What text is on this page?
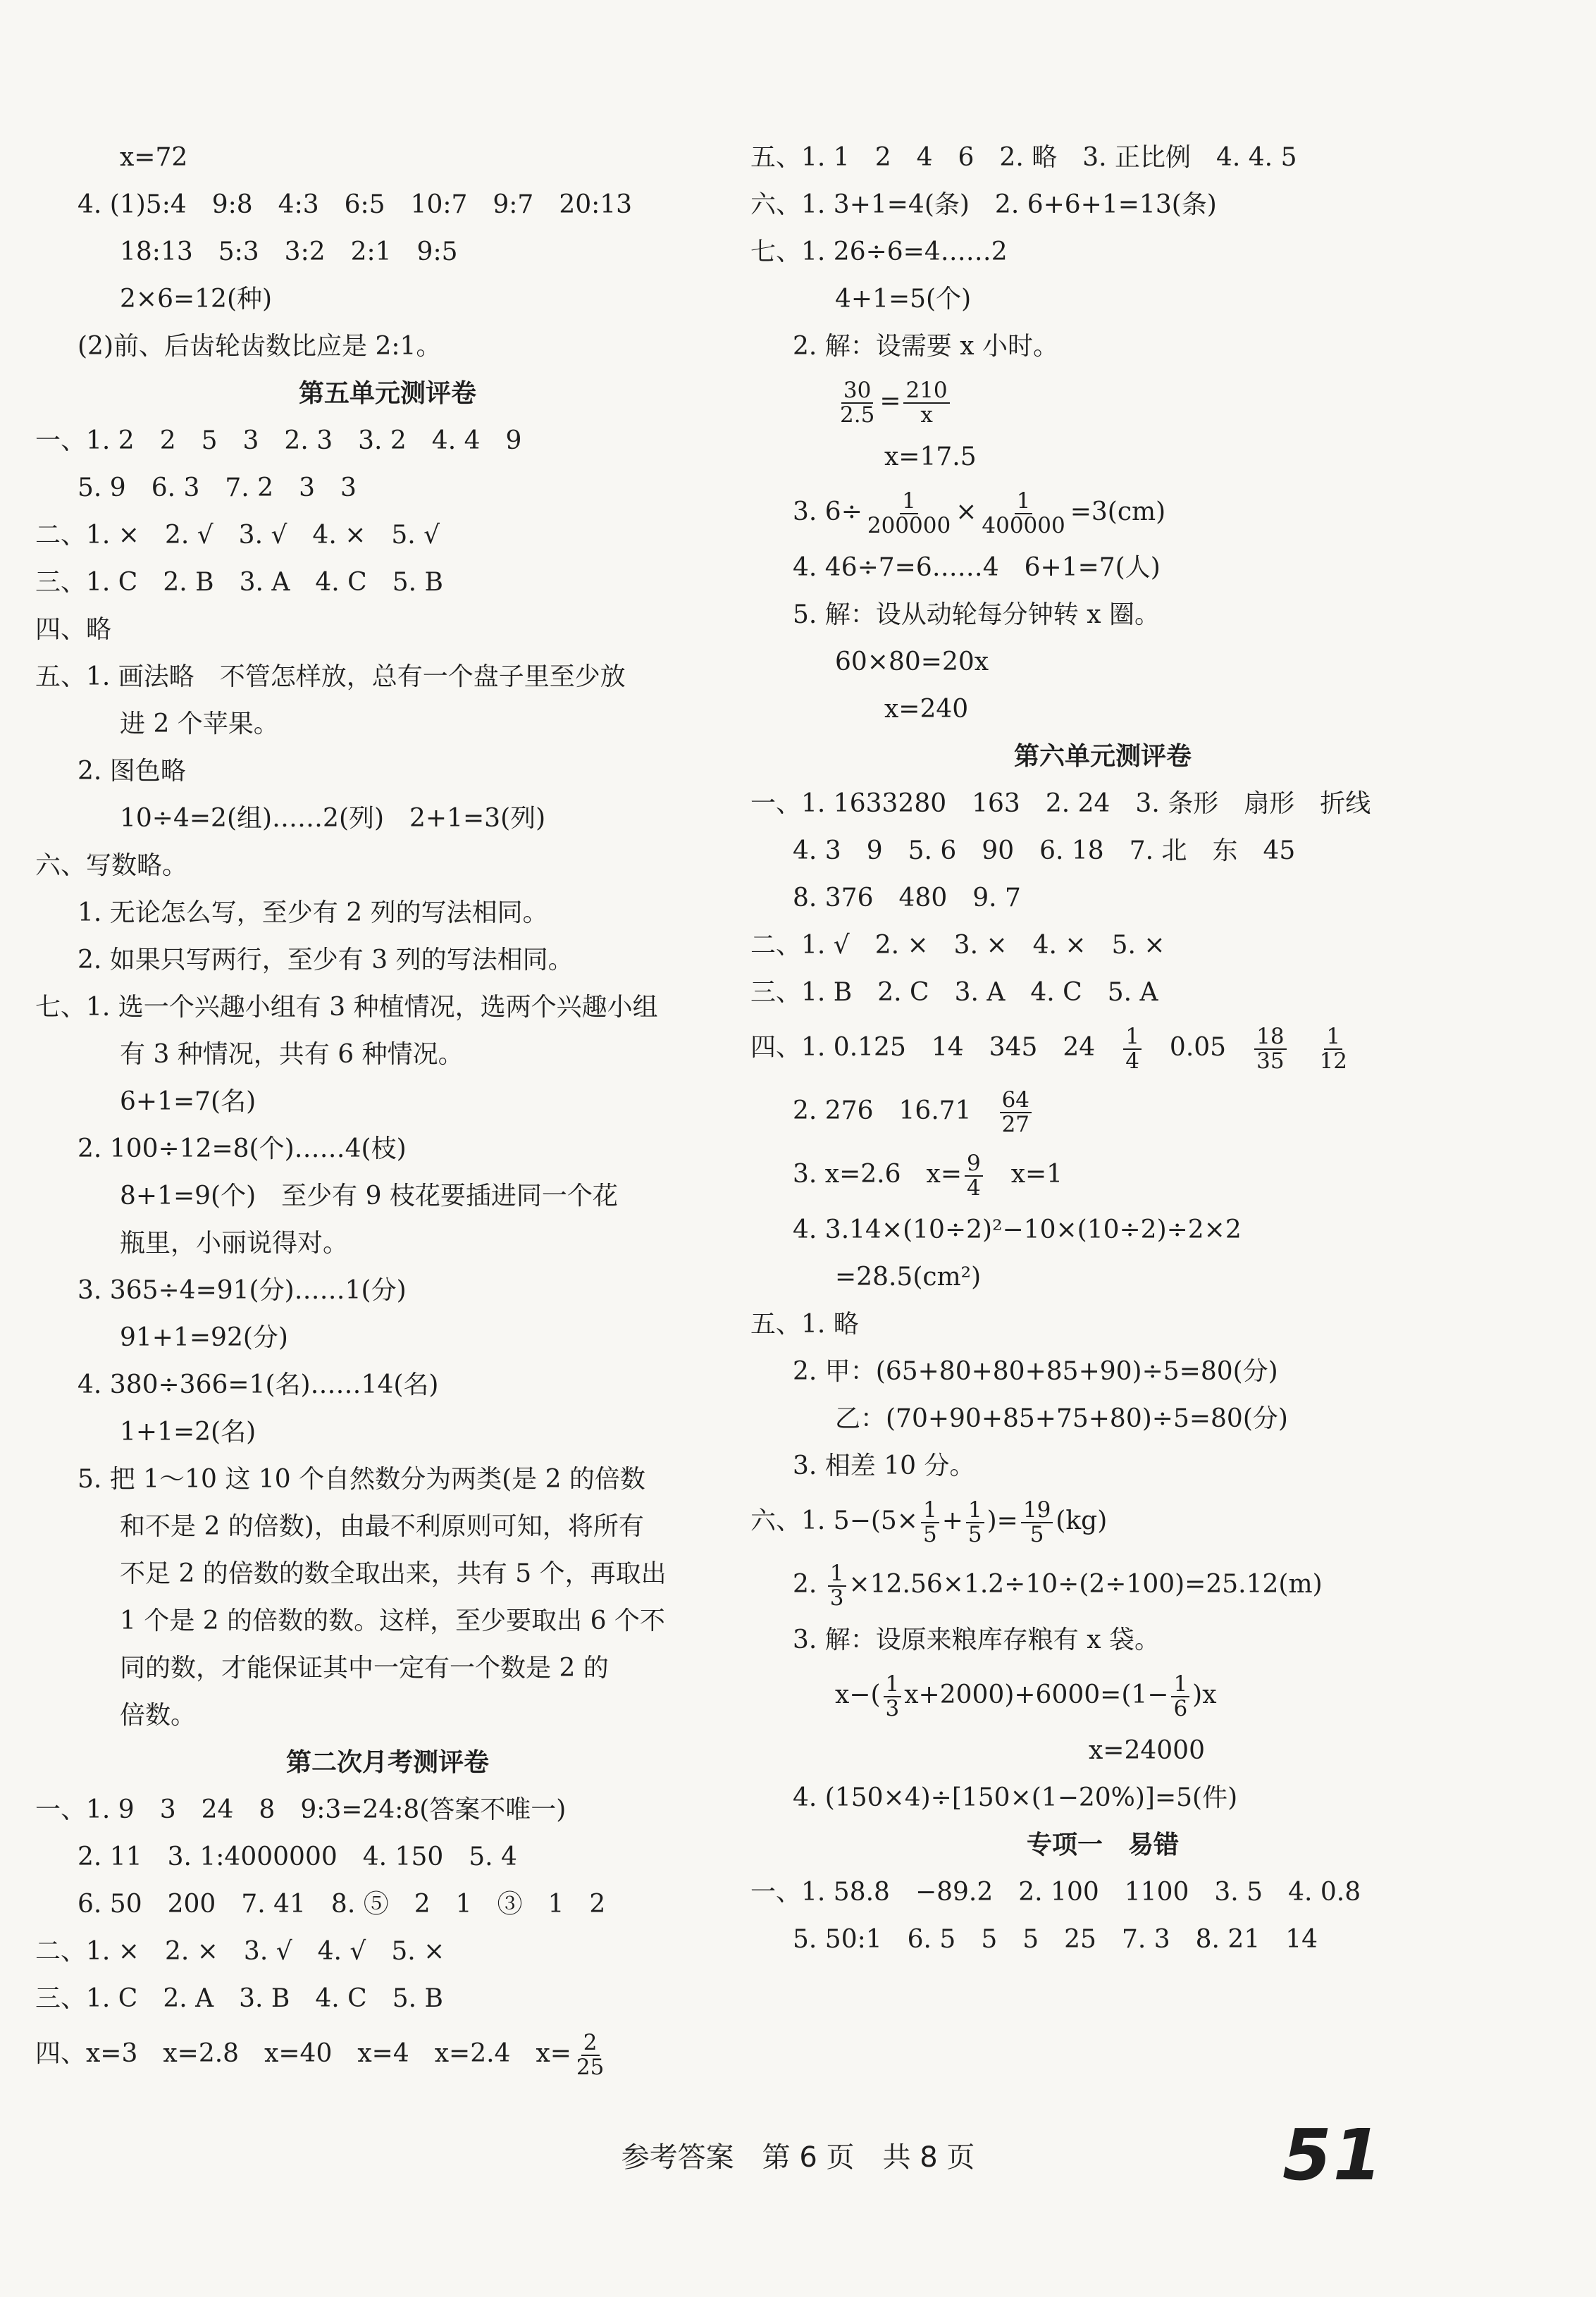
x=72
4. (1)5:4　9:8　4:3　6:5　10:7　9:7　20:13
18:13　5:3　3:2　2:1　9:5
2×6=12(种)
(2)前、后齿轮齿数比应是 2:1。
第五单元测评卷
一、1. 2　2　5　3　2. 3　3. 2　4. 4　9
5. 9　6. 3　7. 2　3　3
二、1. ×　2. √　3. √　4. ×　5. √
三、1. C　2. B　3. A　4. C　5. B
四、略
五、1. 画法略　不管怎样放，总有一个盘子里至少放
进 2 个苹果。
2. 图色略
10÷4=2(组)……2(列)　2+1=3(列)
六、写数略。
1. 无论怎么写，至少有 2 列的写法相同。
2. 如果只写两行，至少有 3 列的写法相同。
七、1. 选一个兴趣小组有 3 种植情况，选两个兴趣小组
有 3 种情况，共有 6 种情况。
6+1=7(名)
2. 100÷12=8(个)……4(枝)
8+1=9(个)　至少有 9 枝花要插进同一个花
瓶里，小丽说得对。
3. 365÷4=91(分)……1(分)
91+1=92(分)
4. 380÷366=1(名)……14(名)
1+1=2(名)
5. 把 1～10 这 10 个自然数分为两类(是 2 的倍数
和不是 2 的倍数)，由最不利原则可知，将所有
不足 2 的倍数的数全取出来，共有 5 个，再取出
1 个是 2 的倍数的数。这样，至少要取出 6 个不
同的数，才能保证其中一定有一个数是 2 的
倍数。
第二次月考测评卷
一、1. 9　3　24　8　9:3=24:8(答案不唯一)
2. 11　3. 1:4000000　4. 150　5. 4
6. 50　200　7. 41　8. ⑤　2　1　③　1　2
二、1. ×　2. ×　3. √　4. √　5. ×
三、1. C　2. A　3. B　4. C　5. B
四、x=3　x=2.8　x=40　x=4　x=2.4　$x= \frac{2}{25}$
五、1. 1　2　4　6　2. 略　3. 正比例　4. 4. 5
六、1. 3+1=4(条)　2. 6+6+1=13(条)
七、1. 26÷6=4……2
4+1=5(个)
2. 解：设需要 x 小时。
$\frac{30}{2.5} = \frac{210}{x}$
x=17.5
3. $6\div \frac{1}{200000} \times \frac{1}{400000} =3(cm)$
4. 46÷7=6……4　6+1=7(人)
5. 解：设从动轮每分钟转 x 圈。
60×80=20x
x=240
第六单元测评卷
一、1. 1633280　163　2. 24　3. 条形　扇形　折线
4. 3　9　5. 6　90　6. 18　7. 北　东　45
8. 376　480　9. 7
二、1. √　2. ×　3. ×　4. ×　5. ×
三、1. B　2. C　3. A　4. C　5. A
四、1. 0.125　14　345　24　 $\frac{1}{4}$ 　0.05　 $\frac{18}{35}$
　 $\frac{1}{12}$
2. 276　16.71　 $\frac{64}{27}$
3. x=2.6　$x= \frac{9}{4}$ 　x=1
4. 3.14×(10÷2)²−10×(10÷2)÷2×2
=28.5(cm²)
五、1. 略
2. 甲：(65+80+80+85+90)÷5=80(分)
乙：(70+90+85+75+80)÷5=80(分)
3. 相差 10 分。
六、1. $5-(5\times \frac{1}{5} + \frac{1}{5}$ )= $\frac{19}{5} (kg)$
2. $\frac{1}{3} \times 12.56\times 1.2\div 10\div(2\div 100)=25.12(m)$
3. 解：设原来粮库存粮有 x 袋。
$x-( \frac{1}{3} x+2000)+6000=(1- \frac{1}{6} )x$
x=24000
4. (150×4)÷[150×(1−20%)]=5(件)
专项一　易错
一、1. 58.8　−89.2　2. 100　1100　3. 5　4. 0.8
5. 50:1　6. 5　5　5　25　7. 3　8. 21　14
参考答案　第 6 页　共 8 页	51
